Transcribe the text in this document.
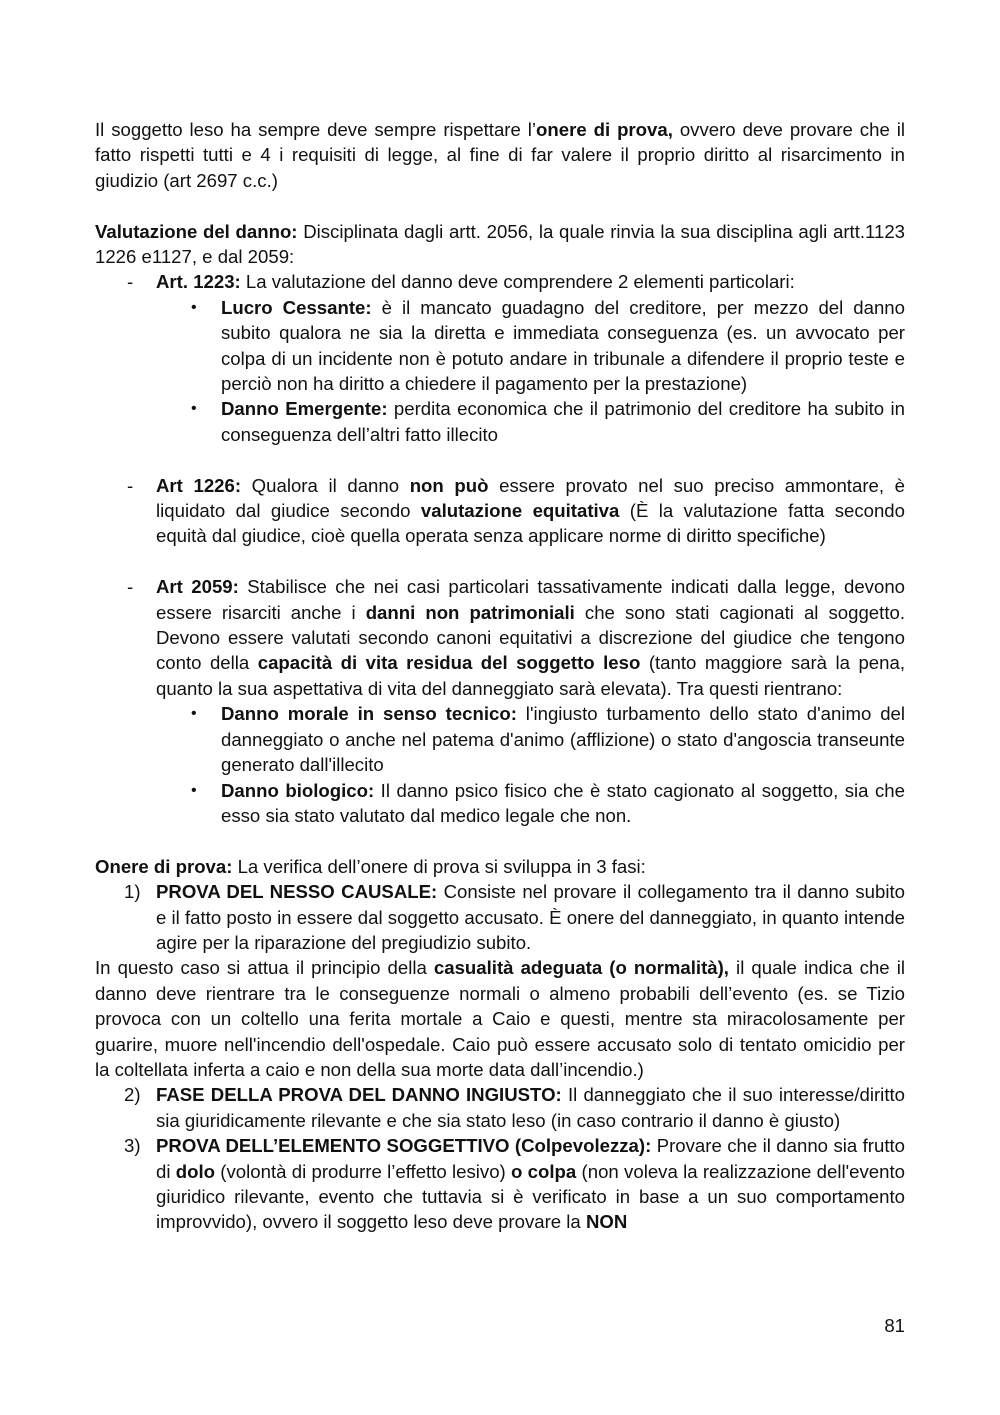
Il soggetto leso ha sempre deve sempre rispettare l’onere di prova, ovvero deve provare che il fatto rispetti tutti e 4 i requisiti di legge, al fine di far valere il proprio diritto al risarcimento in giudizio (art 2697 c.c.)

Valutazione del danno: Disciplinata dagli artt. 2056, la quale rinvia la sua disciplina agli artt.1123 1226 e1127, e dal 2059:

- Art. 1223: La valutazione del danno deve comprendere 2 elementi particolari:
• Lucro Cessante: è il mancato guadagno del creditore, per mezzo del danno subito qualora ne sia la diretta e immediata conseguenza (es. un avvocato per colpa di un incidente non è potuto andare in tribunale a difendere il proprio teste e perciò non ha diritto a chiedere il pagamento per la prestazione)
• Danno Emergente: perdita economica che il patrimonio del creditore ha subito in conseguenza dell’altri fatto illecito
- Art 1226: Qualora il danno non può essere provato nel suo preciso ammontare, è liquidato dal giudice secondo valutazione equitativa (È la valutazione fatta secondo equità dal giudice, cioè quella operata senza applicare norme di diritto specifiche)
- Art 2059: Stabilisce che nei casi particolari tassativamente indicati dalla legge, devono essere risarciti anche i danni non patrimoniali che sono stati cagionati al soggetto. Devono essere valutati secondo canoni equitativi a discrezione del giudice che tengono conto della capacità di vita residua del soggetto leso (tanto maggiore sarà la pena, quanto la sua aspettativa di vita del danneggiato sarà elevata). Tra questi rientrano:
• Danno morale in senso tecnico: l'ingiusto turbamento dello stato d'animo del danneggiato o anche nel patema d'animo (afflizione) o stato d'angoscia transeunte generato dall'illecito
• Danno biologico: Il danno psico fisico che è stato cagionato al soggetto, sia che esso sia stato valutato dal medico legale che non.

Onere di prova: La verifica dell’onere di prova si sviluppa in 3 fasi:

1) PROVA DEL NESSO CAUSALE: Consiste nel provare il collegamento tra il danno subito e il fatto posto in essere dal soggetto accusato. È onere del danneggiato, in quanto intende agire per la riparazione del pregiudizio subito.

In questo caso si attua il principio della casualità adeguata (o normalità), il quale indica che il danno deve rientrare tra le conseguenze normali o almeno probabili dell’evento (es. se Tizio provoca con un coltello una ferita mortale a Caio e questi, mentre sta miracolosamente per guarire, muore nell'incendio dell'ospedale. Caio può essere accusato solo di tentato omicidio per la coltellata inferta a caio e non della sua morte data dall’incendio.)

2) FASE DELLA PROVA DEL DANNO INGIUSTO: Il danneggiato che il suo interesse/diritto sia giuridicamente rilevante e che sia stato leso (in caso contrario il danno è giusto)
3) PROVA DELL’ELEMENTO SOGGETTIVO (Colpevolezza): Provare che il danno sia frutto di dolo (volontà di produrre l’effetto lesivo) o colpa (non voleva la realizzazione dell'evento giuridico rilevante, evento che tuttavia si è verificato in base a un suo comportamento improvvido), ovvero il soggetto leso deve provare la NON
81
